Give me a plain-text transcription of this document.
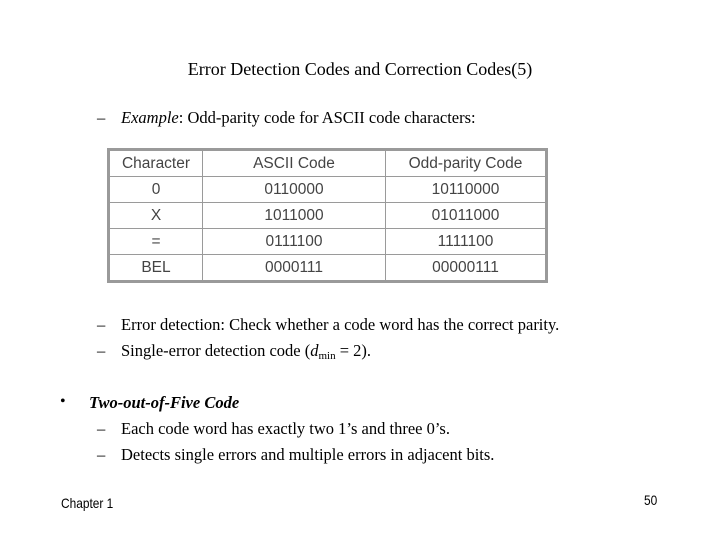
Error Detection Codes and Correction Codes(5)
– Example: Odd-parity code for ASCII code characters:
Character	ASCII Code	Odd-parity Code
0	0110000	10110000
X	1011000	01011000
=	0111100	1111100
BEL	0000111	00000111
– Error detection: Check whether a code word has the correct parity.
– Single-error detection code $(d_{min} = 2)$.
• Two-out-of-Five Code
– Each code word has exactly two 1’s and three 0’s.
– Detects single errors and multiple errors in adjacent bits.
Chapter 1	50
